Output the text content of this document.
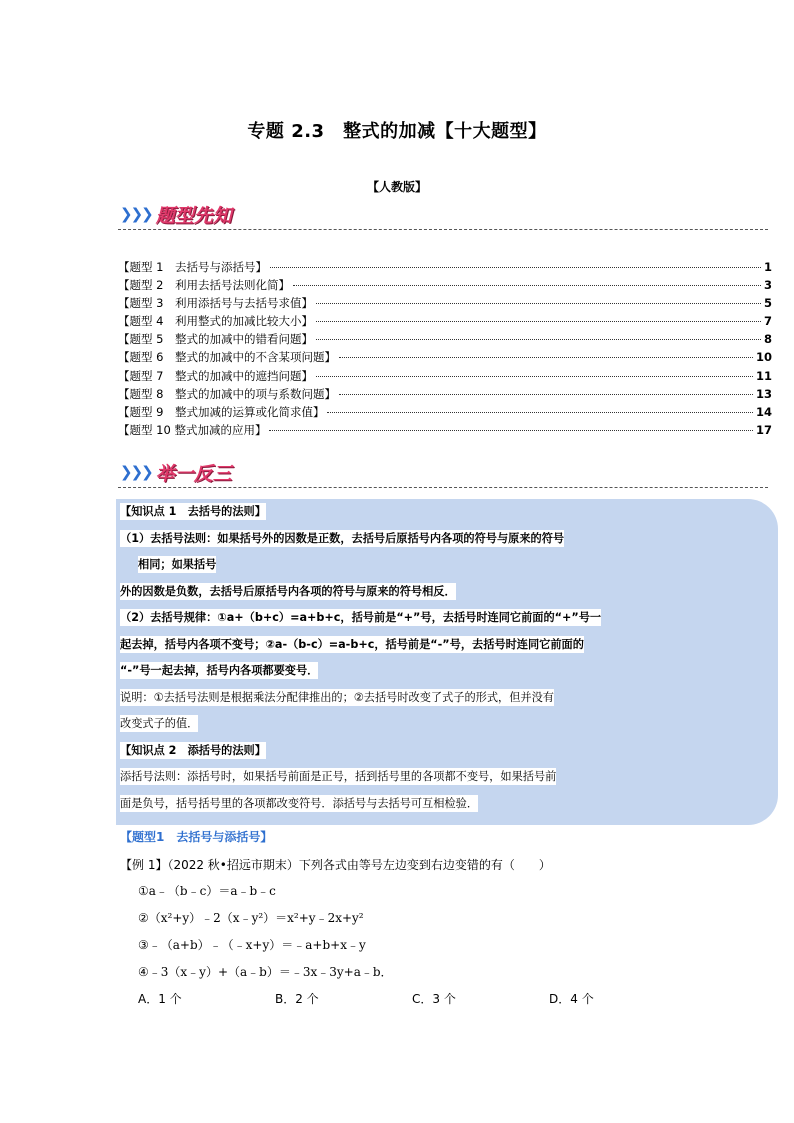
专题 2.3　整式的加减【十大题型】
【人教版】
❯❯❯ 题型先知
【题型 1　去括号与添括号】	1
【题型 2　利用去括号法则化简】	3
【题型 3　利用添括号与去括号求值】	5
【题型 4　利用整式的加减比较大小】	7
【题型 5　整式的加减中的错看问题】	8
【题型 6　整式的加减中的不含某项问题】	10
【题型 7　整式的加减中的遮挡问题】	11
【题型 8　整式的加减中的项与系数问题】	13
【题型 9　整式加减的运算或化简求值】	14
【题型 10 整式加减的应用】	17
❯❯❯ 举一反三
【知识点 1　去括号的法则】
（1）去括号法则：如果括号外的因数是正数，去括号后原括号内各项的符号与原来的符号
相同；如果括号
外的因数是负数，去括号后原括号内各项的符号与原来的符号相反．
（2）去括号规律：①a+（b+c）=a+b+c，括号前是“+”号，去括号时连同它前面的“+”号一
起去掉，括号内各项不变号；②a-（b-c）=a-b+c，括号前是“-”号，去括号时连同它前面的
“-”号一起去掉，括号内各项都要变号．
说明：①去括号法则是根据乘法分配律推出的；②去括号时改变了式子的形式，但并没有
改变式子的值．
【知识点 2　添括号的法则】
添括号法则：添括号时，如果括号前面是正号，括到括号里的各项都不变号，如果括号前
面是负号，括号括号里的各项都改变符号．添括号与去括号可互相检验．
【题型1　去括号与添括号】
【例 1】（2022 秋•招远市期末）下列各式由等号左边变到右边变错的有（　　）
①a﹣（b﹣c）＝a﹣b﹣c
②（x²+y）﹣2（x﹣y²）＝x²+y﹣2x+y²
③﹣（a+b）﹣（﹣x+y）＝﹣a+b+x﹣y
④﹣3（x﹣y）+（a﹣b）＝﹣3x﹣3y+a﹣b．
A．1 个	B．2 个	C．3 个	D．4 个
